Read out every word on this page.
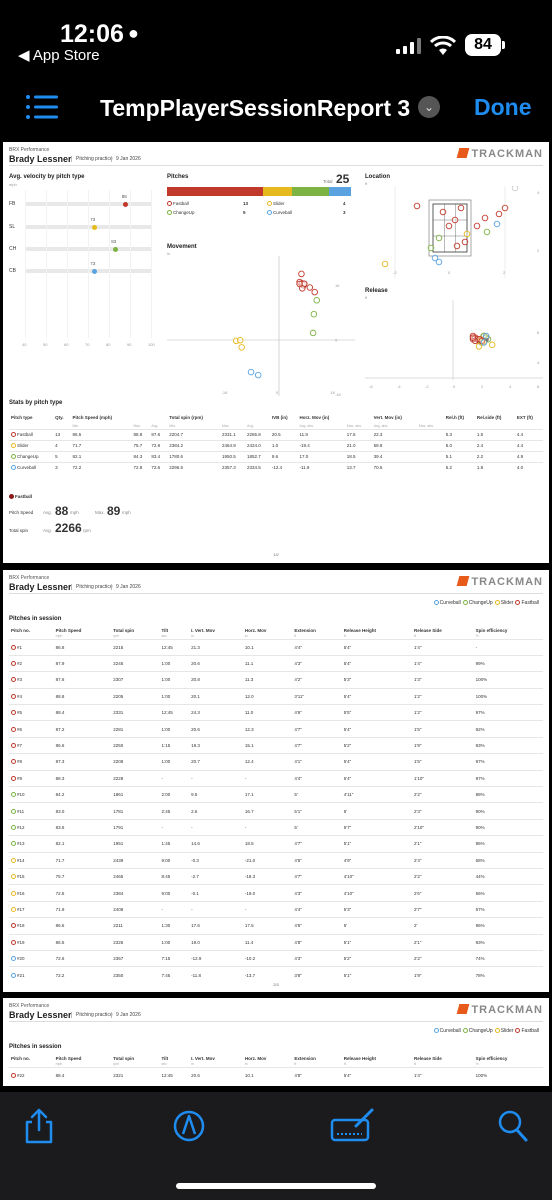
12:06 ●
◀ App Store
84
TempPlayerSessionReport 3	⌄ Done
BRX Performance
Brady Lessner Pitching practice 9 Jan 2026	TRACKMAN
Avg. velocity by pitch type
mph
FB
88
SL
73
CH
83
CB
73
40	50	60	70	80	90	100
Fastball
Pitch Speed Avg. 88 mph	Max. 89 mph
Total spin	Avg. 2266 rpm
Pitches
Total 25
Fastball	13	Slider	4
ChangeUp	5	Curveball	3
Movement
in
-16	0	16
16
0
-16
Location
ft
-2	0	2
4
2
Release
ft
-6	-4	-2	0	2	4	6
6
4
Stats by pitch type
Pitch type	Qty.	Pitch Speed (mph)			Total spin (rpm)			IVB (in)	Horz. Mov (in)		Vert. Mov (in)		Rel.h (ft)	Rel.side (ft)	EXT (ft)
		Min.	Max.	Avg.	Min.	Max.	Avg.		Avg. abs.	Max. abs.	Avg. abs.	Max. abs.			
Fastball	13	86.5	88.8	87.6	2204.7	2331.1	2265.8	20.5	11.9	17.5	22.3		5.3	1.5	4.4
Slider	4	71.7	75.7	72.9	2384.2	2464.9	2424.0	1.0	-19.4	21.0	58.8		5.0	2.4	4.4
ChangeUp	5	82.1	84.3	83.4	1780.6	1950.5	1852.7	9.6	17.0	18.5	39.4		5.1	2.2	4.9
Curveball	3	72.2	72.8	72.6	2296.5	2357.3	2334.5	-12.4	-11.9	13.7	70.6		5.2	1.8	4.0
1/2
BRX Performance
Brady Lessner Pitching practice 9 Jan 2026	TRACKMAN
Curveball ChangeUp Slider Fastball
Pitches in session
Pitch no.	Pitch Speed	Total spin	Tilt	I. Vert. Mov	Horz. Mov	Extension	Release Height	Release Side	Spin efficiency
	mph	rpm	sec	in	in	ft	ft	ft	%
#1	86.8	2215	12:45	21.3	10.1	4'4"	5'4"	1'4"	-
#2	87.9	2245	1:00	20.6	11.1	4'3"	5'4"	1'4"	99%
#3	87.6	2307	1:00	20.8	11.3	4'2"	5'3"	1'3"	100%
#4	88.8	2205	1:00	20.1	12.0	3'11"	5'4"	1'2"	100%
#5	88.4	2331	12:45	24.3	11.0	4'6"	5'5"	1'2"	97%
#6	87.2	2281	1:00	20.6	12.3	4'7"	5'4"	1'5"	92%
#7	86.6	2250	1:15	19.3	15.1	4'7"	5'2"	1'9"	93%
#8	87.3	2208	1:00	20.7	12.4	4'1"	5'4"	1'5"	97%
#9	88.3	2228	-	-	-	4'4"	5'4"	1'10"	97%
#10	84.2	1861	2:00	9.5	17.1	5'	4'11"	2'2"	88%
#11	83.0	1781	2:45	2.6	16.7	5'1"	5'	2'3"	90%
#12	83.5	1791	-	-	-	5'	5'7"	2'10"	90%
#13	82.1	1951	1:45	14.6	18.5	4'7"	5'1"	2'1"	95%
#14	71.7	2439	9:00	-0.3	-21.0	4'5"	4'9"	2'4"	58%
#15	75.7	2465	8:45	-2.7	-18.3	4'7"	4'10"	2'2"	44%
#16	72.5	2384	9:00	-0.1	-19.0	4'3"	4'10"	2'6"	56%
#17	71.9	2408	-	-	-	4'4"	5'3"	2'7"	57%
#18	86.6	2211	1:30	17.6	17.5	4'6"	5'	2'	96%
#19	86.5	2326	1:00	19.0	11.4	4'8"	5'1"	2'1"	93%
#20	72.6	2357	7:15	-12.9	-10.2	4'3"	5'2"	2'2"	74%
#21	72.2	2350	7:45	-11.8	-13.7	3'8"	5'1"	1'9"	78%
2/3
BRX Performance
Brady Lessner Pitching practice 9 Jan 2026	TRACKMAN
Curveball ChangeUp Slider Fastball
Pitches in session
Pitch no.	Pitch Speed	Total spin	Tilt	I. Vert. Mov	Horz. Mov	Extension	Release Height	Release Side	Spin efficiency
	mph	rpm	sec	in	in	ft	ft	ft	%
#22	88.4	2321	12:45	20.6	10.1	4'8"	5'4"	1'4"	100%
